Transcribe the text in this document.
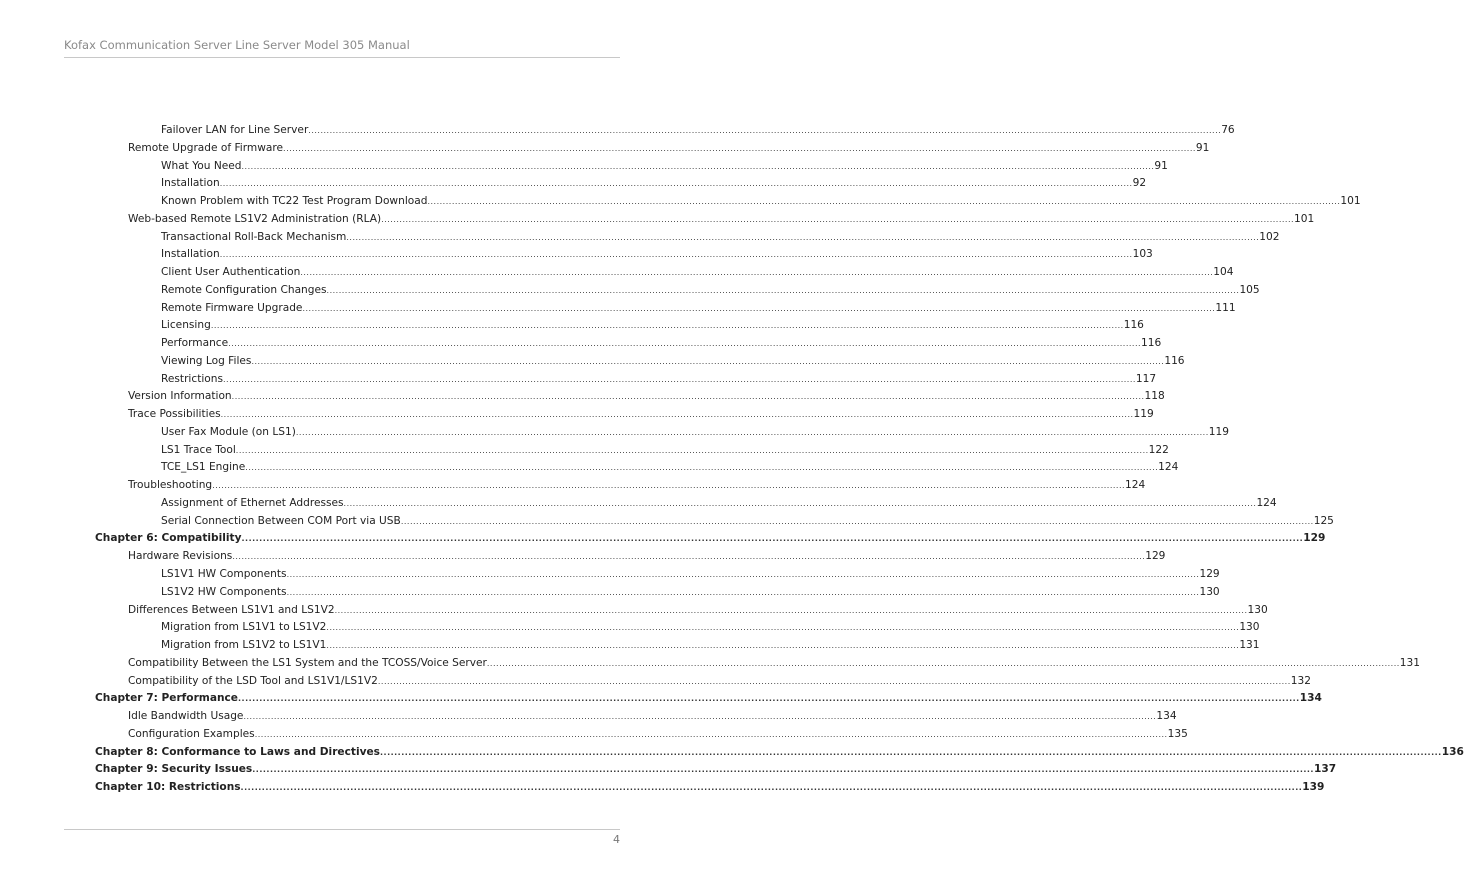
Kofax Communication Server Line Server Model 305 Manual
Failover LAN for Line Server ............................................................................................................................................................................................................................................................................................................ 76
Remote Upgrade of Firmware ............................................................................................................................................................................................................................................................................................................ 91
What You Need ............................................................................................................................................................................................................................................................................................................ 91
Installation ............................................................................................................................................................................................................................................................................................................ 92
Known Problem with TC22 Test Program Download ............................................................................................................................................................................................................................................................................................................ 101
Web-based Remote LS1V2 Administration (RLA) ............................................................................................................................................................................................................................................................................................................ 101
Transactional Roll-Back Mechanism ............................................................................................................................................................................................................................................................................................................ 102
Installation ............................................................................................................................................................................................................................................................................................................ 103
Client User Authentication ............................................................................................................................................................................................................................................................................................................ 104
Remote Configuration Changes ............................................................................................................................................................................................................................................................................................................ 105
Remote Firmware Upgrade ............................................................................................................................................................................................................................................................................................................ 111
Licensing ............................................................................................................................................................................................................................................................................................................ 116
Performance ............................................................................................................................................................................................................................................................................................................ 116
Viewing Log Files ............................................................................................................................................................................................................................................................................................................ 116
Restrictions ............................................................................................................................................................................................................................................................................................................ 117
Version Information ............................................................................................................................................................................................................................................................................................................ 118
Trace Possibilities ............................................................................................................................................................................................................................................................................................................ 119
User Fax Module (on LS1) ............................................................................................................................................................................................................................................................................................................ 119
LS1 Trace Tool ............................................................................................................................................................................................................................................................................................................ 122
TCE_LS1 Engine ............................................................................................................................................................................................................................................................................................................ 124
Troubleshooting ............................................................................................................................................................................................................................................................................................................ 124
Assignment of Ethernet Addresses ............................................................................................................................................................................................................................................................................................................ 124
Serial Connection Between COM Port via USB ............................................................................................................................................................................................................................................................................................................ 125
Chapter 6: Compatibility ............................................................................................................................................................................................................................................................................................................ 129
Hardware Revisions ............................................................................................................................................................................................................................................................................................................ 129
LS1V1 HW Components ............................................................................................................................................................................................................................................................................................................ 129
LS1V2 HW Components ............................................................................................................................................................................................................................................................................................................ 130
Differences Between LS1V1 and LS1V2 ............................................................................................................................................................................................................................................................................................................ 130
Migration from LS1V1 to LS1V2 ............................................................................................................................................................................................................................................................................................................ 130
Migration from LS1V2 to LS1V1 ............................................................................................................................................................................................................................................................................................................ 131
Compatibility Between the LS1 System and the TCOSS/Voice Server ............................................................................................................................................................................................................................................................................................................ 131
Compatibility of the LSD Tool and LS1V1/LS1V2 ............................................................................................................................................................................................................................................................................................................ 132
Chapter 7: Performance ............................................................................................................................................................................................................................................................................................................ 134
Idle Bandwidth Usage ............................................................................................................................................................................................................................................................................................................ 134
Configuration Examples ............................................................................................................................................................................................................................................................................................................ 135
Chapter 8: Conformance to Laws and Directives ............................................................................................................................................................................................................................................................................................................ 136
Chapter 9: Security Issues ............................................................................................................................................................................................................................................................................................................ 137
Chapter 10: Restrictions ............................................................................................................................................................................................................................................................................................................ 139
4
